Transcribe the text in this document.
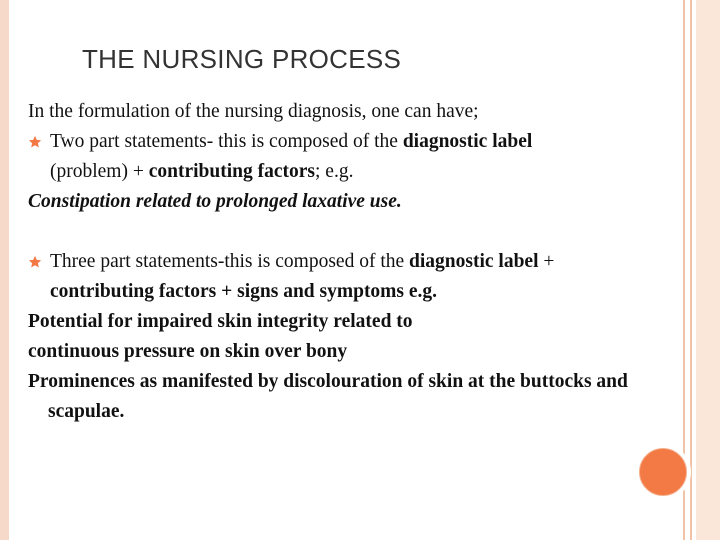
THE NURSING PROCESS

In the formulation of the nursing diagnosis, one can have;

Two part statements- this is composed of the diagnostic label
(problem) + contributing factors; e.g.

Constipation related to prolonged laxative use.

Three part statements-this is composed of the diagnostic label +
contributing factors + signs and symptoms e.g.

Potential for impaired skin integrity related to

continuous pressure on skin over bony

Prominences as manifested by discolouration of skin at the buttocks and scapulae.
